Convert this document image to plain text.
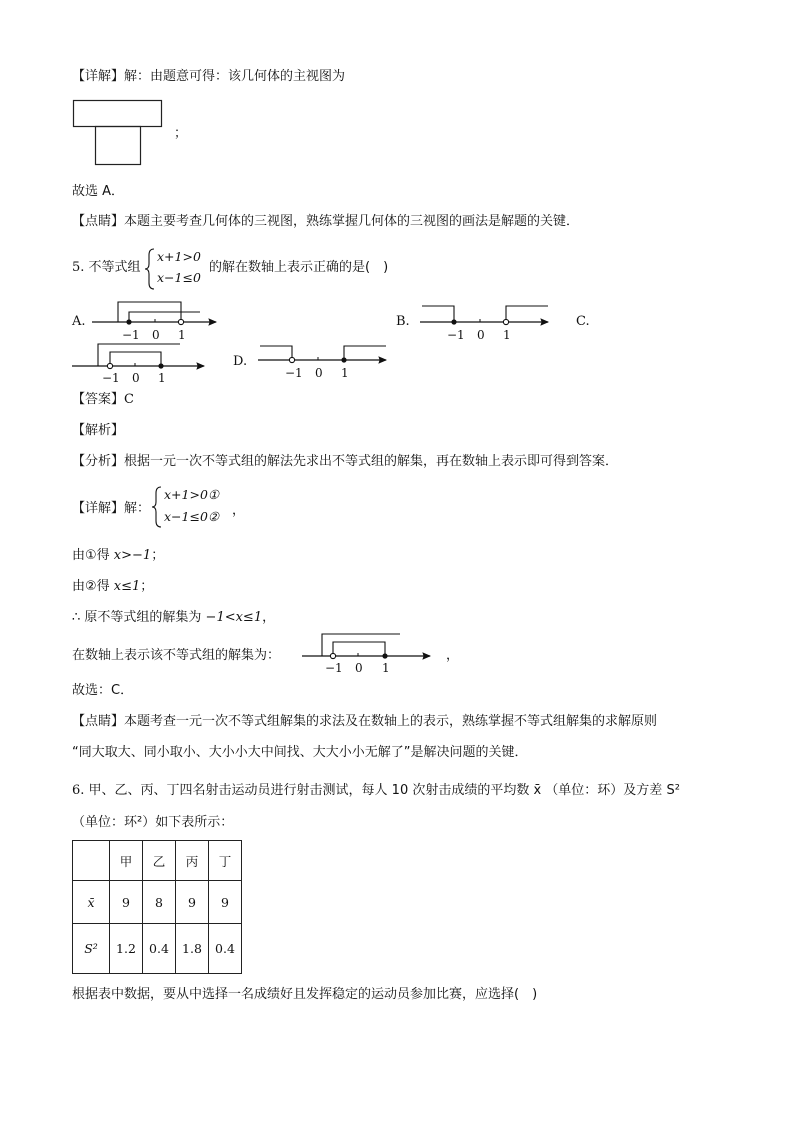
【详解】解：由题意可得：该几何体的主视图为
；
故选 A．
【点睛】本题主要考查几何体的三视图，熟练掌握几何体的三视图的画法是解题的关键．
5. 不等式组
x+1>0
x−1≤0
的解在数轴上表示正确的是(　)
A.	B.	C.
D.
−1 0 1	−1 0 1
−1 0 1	−1 0 1
【答案】C
【解析】
【分析】根据一元一次不等式组的解法先求出不等式组的解集，再在数轴上表示即可得到答案．
【详解】解：
x+1>0①
x−1≤0② ，
由①得 x>−1；
由②得 x≤1；
∴ 原不等式组的解集为 −1<x≤1，
在数轴上表示该不等式组的解集为：
−1 0 1
，
故选：C．
【点睛】本题考查一元一次不等式组解集的求法及在数轴上的表示，熟练掌握不等式组解集的求解原则
“同大取大、同小取小、大小小大中间找、大大小小无解了”是解决问题的关键．
6. 甲、乙、丙、丁四名射击运动员进行射击测试，每人 10 次射击成绩的平均数 x̄ （单位：环）及方差 S²
（单位：环²）如下表所示：
	甲	乙	丙	丁
x̄	9	8	9	9
S²	1.2	0.4	1.8	0.4
根据表中数据，要从中选择一名成绩好且发挥稳定的运动员参加比赛，应选择(　)
